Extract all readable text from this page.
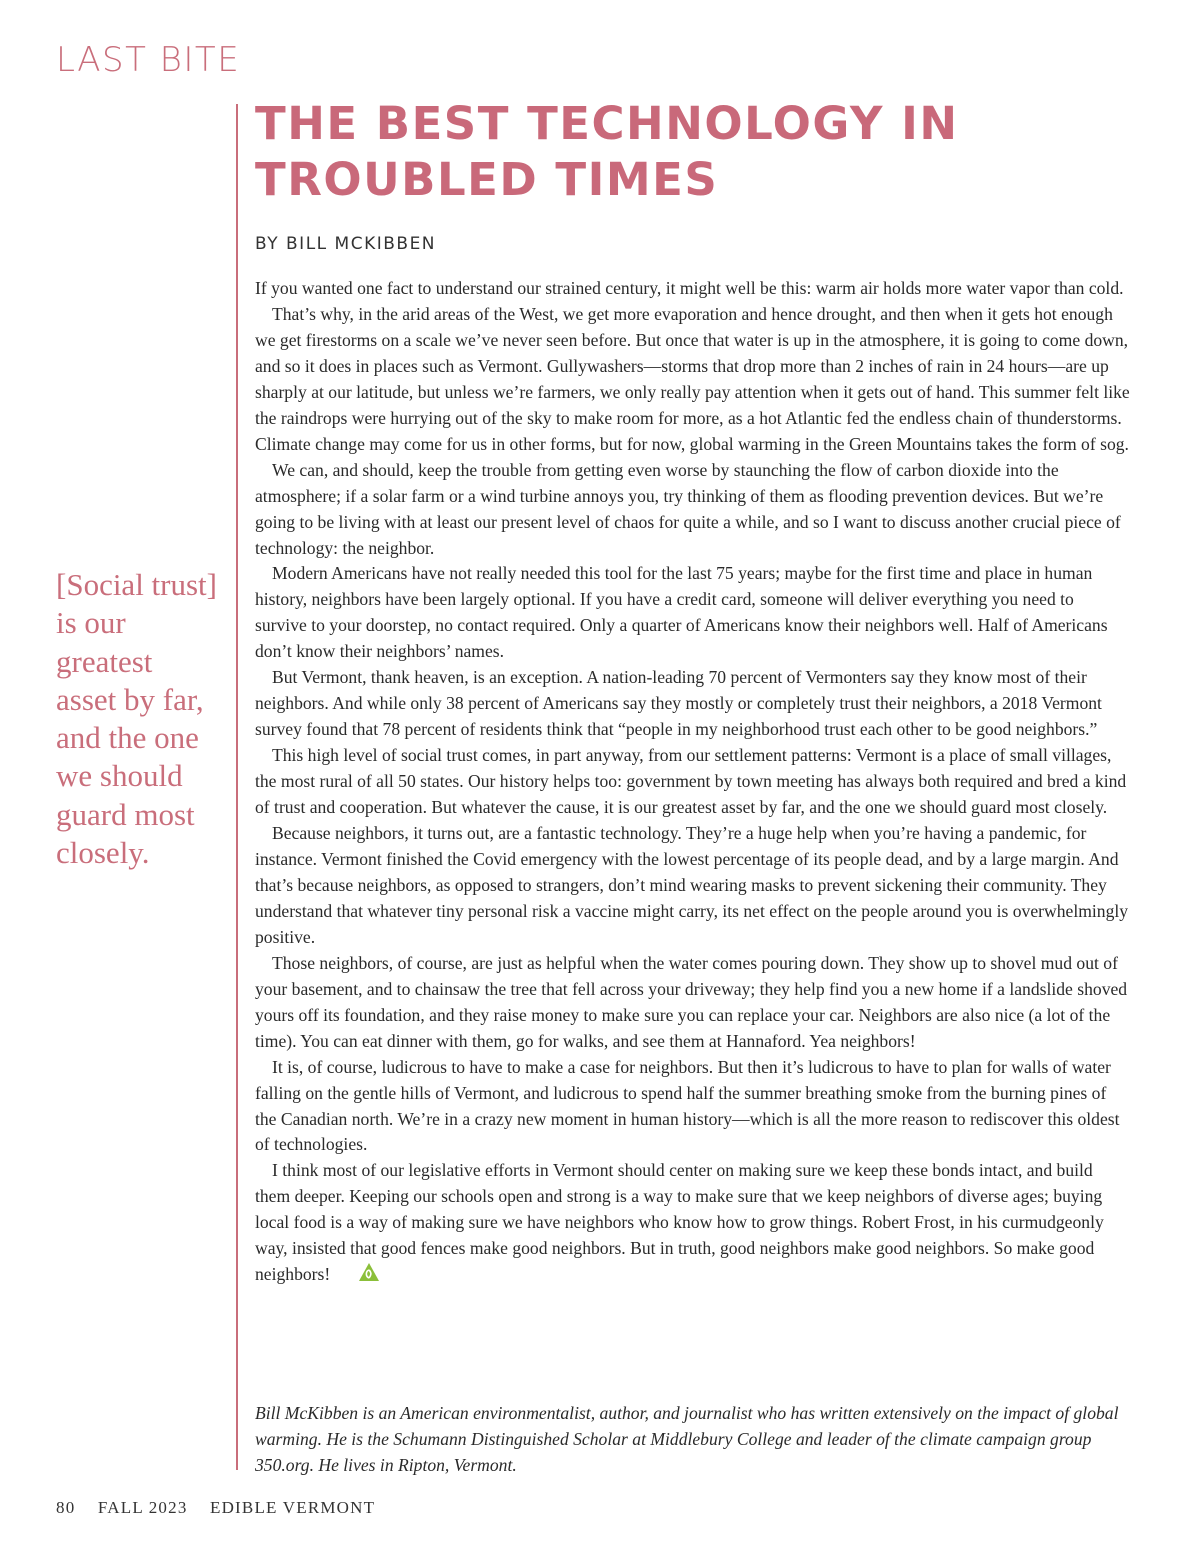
LAST BITE
THE BEST TECHNOLOGY IN TROUBLED TIMES
BY BILL MCKIBBEN
[Social trust]
is our greatest
asset by far,
and the one
we should
guard most
closely.

If you wanted one fact to understand our strained century, it might well be this: warm air holds more water vapor than cold.

That’s why, in the arid areas of the West, we get more evaporation and hence drought, and then when it gets hot enough we get firestorms on a scale we’ve never seen before. But once that water is up in the atmosphere, it is going to come down, and so it does in places such as Vermont. Gullywashers—storms that drop more than 2 inches of rain in 24 hours—are up sharply at our latitude, but unless we’re farmers, we only really pay attention when it gets out of hand. This summer felt like the raindrops were hurrying out of the sky to make room for more, as a hot Atlantic fed the endless chain of thunderstorms. Climate change may come for us in other forms, but for now, global warming in the Green Mountains takes the form of sog.

We can, and should, keep the trouble from getting even worse by staunching the flow of carbon dioxide into the atmosphere; if a solar farm or a wind turbine annoys you, try thinking of them as flooding prevention devices. But we’re going to be living with at least our present level of chaos for quite a while, and so I want to discuss another crucial piece of technology: the neighbor.

Modern Americans have not really needed this tool for the last 75 years; maybe for the first time and place in human history, neighbors have been largely optional. If you have a credit card, someone will deliver everything you need to survive to your doorstep, no contact required. Only a quarter of Americans know their neighbors well. Half of Americans don’t know their neighbors’ names.

But Vermont, thank heaven, is an exception. A nation-leading 70 percent of Vermonters say they know most of their neighbors. And while only 38 percent of Americans say they mostly or completely trust their neighbors, a 2018 Vermont survey found that 78 percent of residents think that “people in my neighborhood trust each other to be good neighbors.”

This high level of social trust comes, in part anyway, from our settlement patterns: Vermont is a place of small villages, the most rural of all 50 states. Our history helps too: government by town meeting has always both required and bred a kind of trust and cooperation. But whatever the cause, it is our greatest asset by far, and the one we should guard most closely.

Because neighbors, it turns out, are a fantastic technology. They’re a huge help when you’re having a pandemic, for instance. Vermont finished the Covid emergency with the lowest percentage of its people dead, and by a large margin. And that’s because neighbors, as opposed to strangers, don’t mind wearing masks to prevent sickening their community. They understand that whatever tiny personal risk a vaccine might carry, its net effect on the people around you is overwhelmingly positive.

Those neighbors, of course, are just as helpful when the water comes pouring down. They show up to shovel mud out of your basement, and to chainsaw the tree that fell across your driveway; they help find you a new home if a landslide shoved yours off its foundation, and they raise money to make sure you can replace your car. Neighbors are also nice (a lot of the time). You can eat dinner with them, go for walks, and see them at Hannaford. Yea neighbors!

It is, of course, ludicrous to have to make a case for neighbors. But then it’s ludicrous to have to plan for walls of water falling on the gentle hills of Vermont, and ludicrous to spend half the summer breathing smoke from the burning pines of the Canadian north. We’re in a crazy new moment in human history—which is all the more reason to rediscover this oldest of technologies.

I think most of our legislative efforts in Vermont should center on making sure we keep these bonds intact, and build them deeper. Keeping our schools open and strong is a way to make sure that we keep neighbors of diverse ages; buying local food is a way of making sure we have neighbors who know how to grow things. Robert Frost, in his curmudgeonly way, insisted that good fences make good neighbors. But in truth, good neighbors make good neighbors. So make good neighbors!

Bill McKibben is an American environmentalist, author, and journalist who has written extensively on the impact of global warming. He is the Schumann Distinguished Scholar at Middlebury College and leader of the climate campaign group 350.org. He lives in Ripton, Vermont.
80 FALL 2023 EDIBLE VERMONT
